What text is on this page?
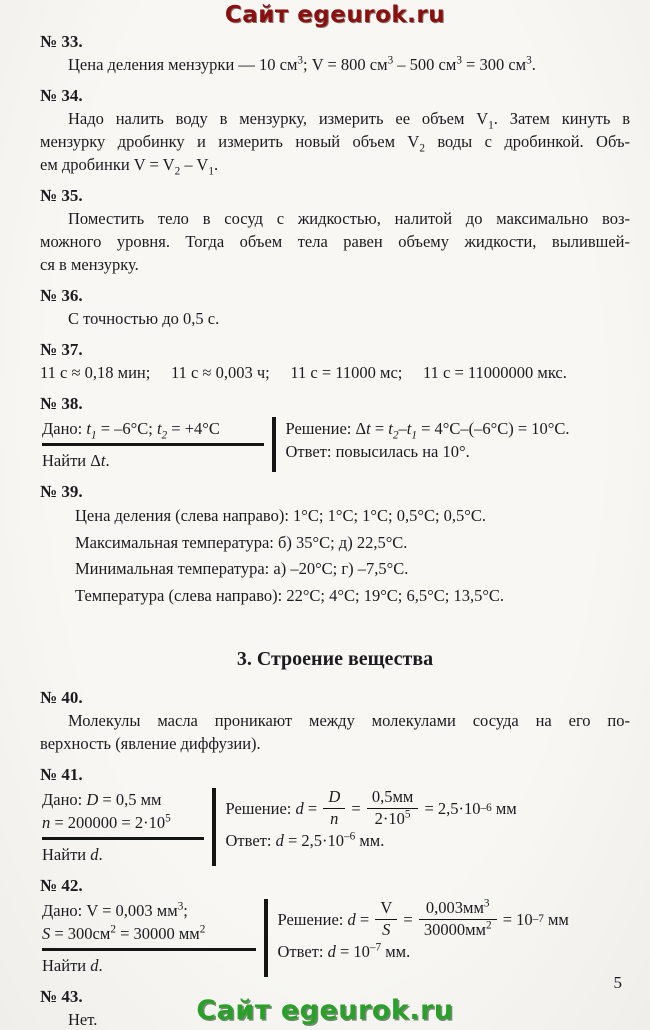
Сайт egeurok.ru
№ 33.
Цена деления мензурки — 10 $см^3$; V = 800 $см^3 - 500$ $см^3 = 300$ $см^3$.
№ 34.
Надо налить воду в мензурку, измерить ее объем $V_1$. Затем кинуть в
мензурку дробинку и измерить новый объем $V_2$ воды с дробинкой. Объ-
ем дробинки $V = V_2 - V_1$.
№ 35.
Поместить тело в сосуд с жидкостью, налитой до максимально воз-
можного уровня. Тогда объем тела равен объему жидкости, вылившей-
ся в мензурку.
№ 36.
С точностью до 0,5 с.
№ 37.
11 с ≈ 0,18 мин;  11 с ≈ 0,003 ч;  11 с = 11000 мс;  11 с = 11000000 мкс.
№ 38.
Дано: $t_1 = -6^\circ C$; $t_2 = +4^\circ C$
Найти Δt.
Решение: $\Delta t = t_2-t_1 = 4^\circ C-(-6^\circ C) = 10^\circ C$.
Ответ: повысилась на 10°.
№ 39.
Цена деления (слева направо): 1°C; 1°C; 1°C; 0,5°C; 0,5°C.
Максимальная температура: б) 35°C; д) 22,5°C.
Минимальная температура: а) –20°C; г) –7,5°C.
Температура (слева направо): 22°C; 4°C; 19°C; 6,5°C; 13,5°C.
3. Строение вещества
№ 40.
Молекулы масла проникают между молекулами сосуда на его по-
верхность (явление диффузии).
№ 41.
Дано: D = 0,5 мм
$n = 200000 = 2\cdot 10^5$
Найти d.
Решение: $d = \frac{D}{n} = \frac{0,5мм}{2\cdot 10^5} = 2,5\cdot 10$ –6 мм
Ответ: $d = 2,5\cdot 10^{-6}$ мм.
№ 42.
Дано: V = 0,003 $мм^3$;
$S = 300см^2 = 30000$ $мм^2$
Найти d.
Решение: $d = \frac{V}{S} = \frac{0,003мм^3}{30000мм^2} = 10$ –7 мм
Ответ: $d = 10^{-7}$ мм.
№ 43.
Нет.
5
Сайт egeurok.ru
